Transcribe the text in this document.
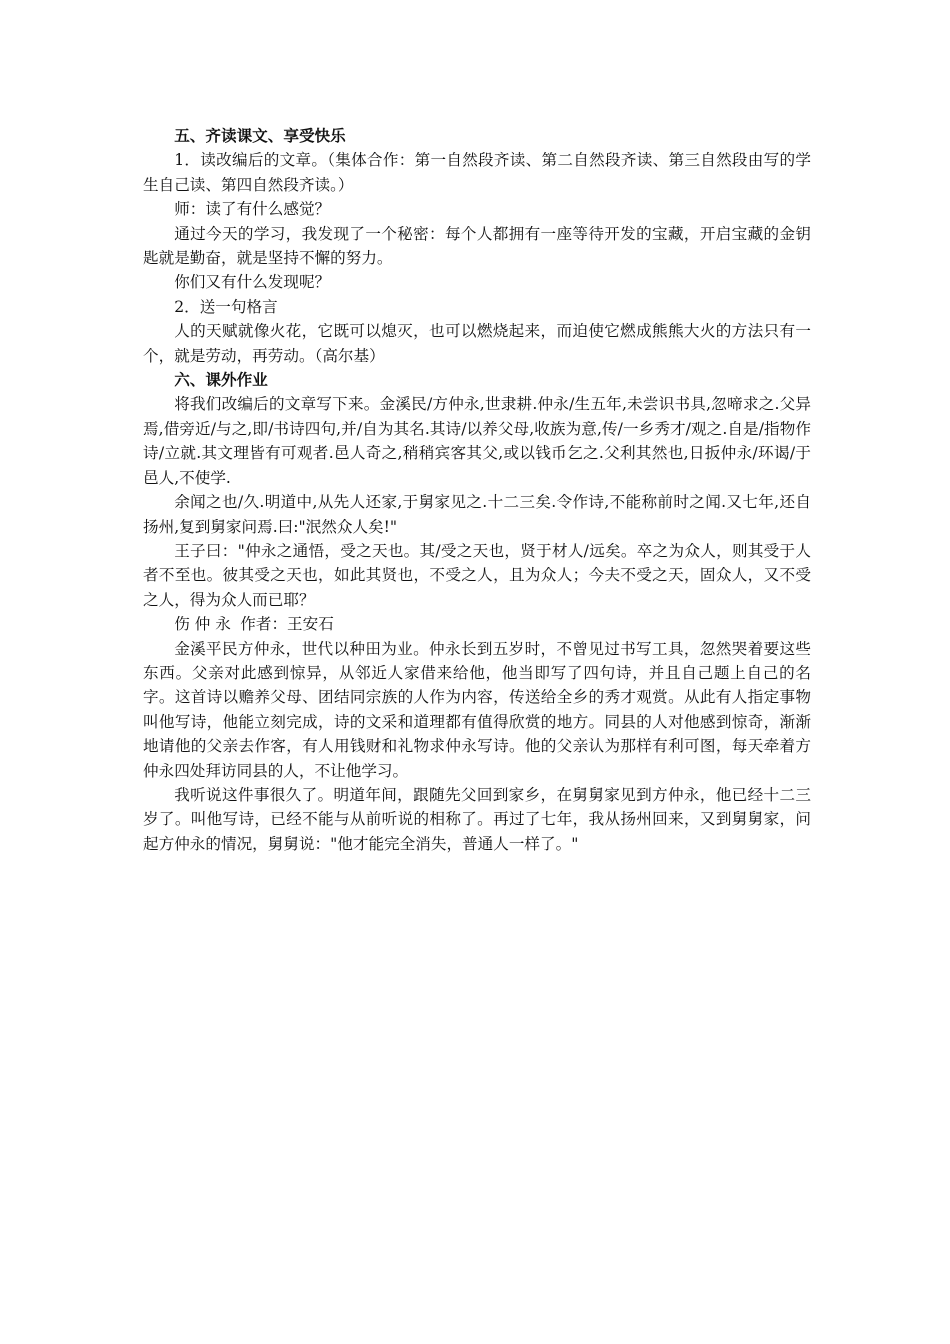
五、齐读课文、享受快乐

1．读改编后的文章。（集体合作：第一自然段齐读、第二自然段齐读、第三自然段由写的学生自己读、第四自然段齐读。）

师：读了有什么感觉？

通过今天的学习，我发现了一个秘密：每个人都拥有一座等待开发的宝藏，开启宝藏的金钥匙就是勤奋，就是坚持不懈的努力。

你们又有什么发现呢？

2．送一句格言

人的天赋就像火花，它既可以熄灭，也可以燃烧起来，而迫使它燃成熊熊大火的方法只有一个，就是劳动，再劳动。（高尔基）

六、课外作业

将我们改编后的文章写下来。金溪民/方仲永,世隶耕.仲永/生五年,未尝识书具,忽啼求之.父异焉,借旁近/与之,即/书诗四句,并/自为其名.其诗/以养父母,收族为意,传/一乡秀才/观之.自是/指物作诗/立就.其文理皆有可观者.邑人奇之,稍稍宾客其父,或以钱币乞之.父利其然也,日扳仲永/环谒/于邑人,不使学.

余闻之也/久.明道中,从先人还家,于舅家见之.十二三矣.令作诗,不能称前时之闻.又七年,还自扬州,复到舅家问焉.曰:"泯然众人矣!"

王子曰："仲永之通悟，受之天也。其/受之天也，贤于材人/远矣。卒之为众人，则其受于人者不至也。彼其受之天也，如此其贤也，不受之人，且为众人；今夫不受之天，固众人，又不受之人，得为众人而已耶？

伤 仲 永 作者：王安石

金溪平民方仲永，世代以种田为业。仲永长到五岁时，不曾见过书写工具，忽然哭着要这些东西。父亲对此感到惊异，从邻近人家借来给他，他当即写了四句诗，并且自己题上自己的名字。这首诗以赡养父母、团结同宗族的人作为内容，传送给全乡的秀才观赏。从此有人指定事物叫他写诗，他能立刻完成，诗的文采和道理都有值得欣赏的地方。同县的人对他感到惊奇，渐渐地请他的父亲去作客，有人用钱财和礼物求仲永写诗。他的父亲认为那样有利可图，每天牵着方仲永四处拜访同县的人，不让他学习。

我听说这件事很久了。明道年间，跟随先父回到家乡，在舅舅家见到方仲永，他已经十二三岁了。叫他写诗，已经不能与从前听说的相称了。再过了七年，我从扬州回来，又到舅舅家，问起方仲永的情况，舅舅说："他才能完全消失，普通人一样了。"
